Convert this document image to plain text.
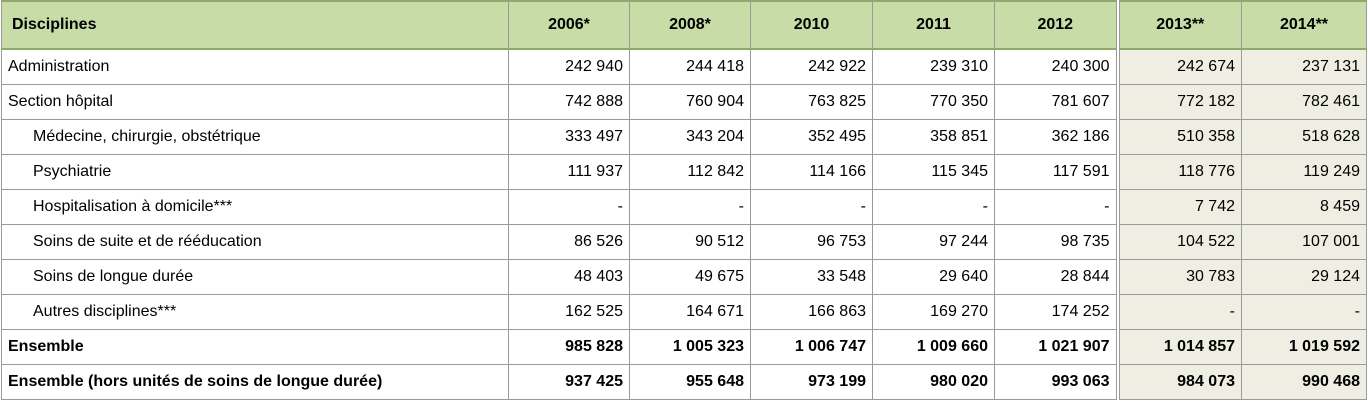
Disciplines	2006*	2008*	2010	2011	2012	2013**	2014**
Administration	242 940	244 418	242 922	239 310	240 300	242 674	237 131
Section hôpital	742 888	760 904	763 825	770 350	781 607	772 182	782 461
Médecine, chirurgie, obstétrique	333 497	343 204	352 495	358 851	362 186	510 358	518 628
Psychiatrie	111 937	112 842	114 166	115 345	117 591	118 776	119 249
Hospitalisation à domicile***	-	-	-	-	-	7 742	8 459
Soins de suite et de rééducation	86 526	90 512	96 753	97 244	98 735	104 522	107 001
Soins de longue durée	48 403	49 675	33 548	29 640	28 844	30 783	29 124
Autres disciplines***	162 525	164 671	166 863	169 270	174 252	-	-
Ensemble	985 828	1 005 323	1 006 747	1 009 660	1 021 907	1 014 857	1 019 592
Ensemble (hors unités de soins de longue durée)	937 425	955 648	973 199	980 020	993 063	984 073	990 468
